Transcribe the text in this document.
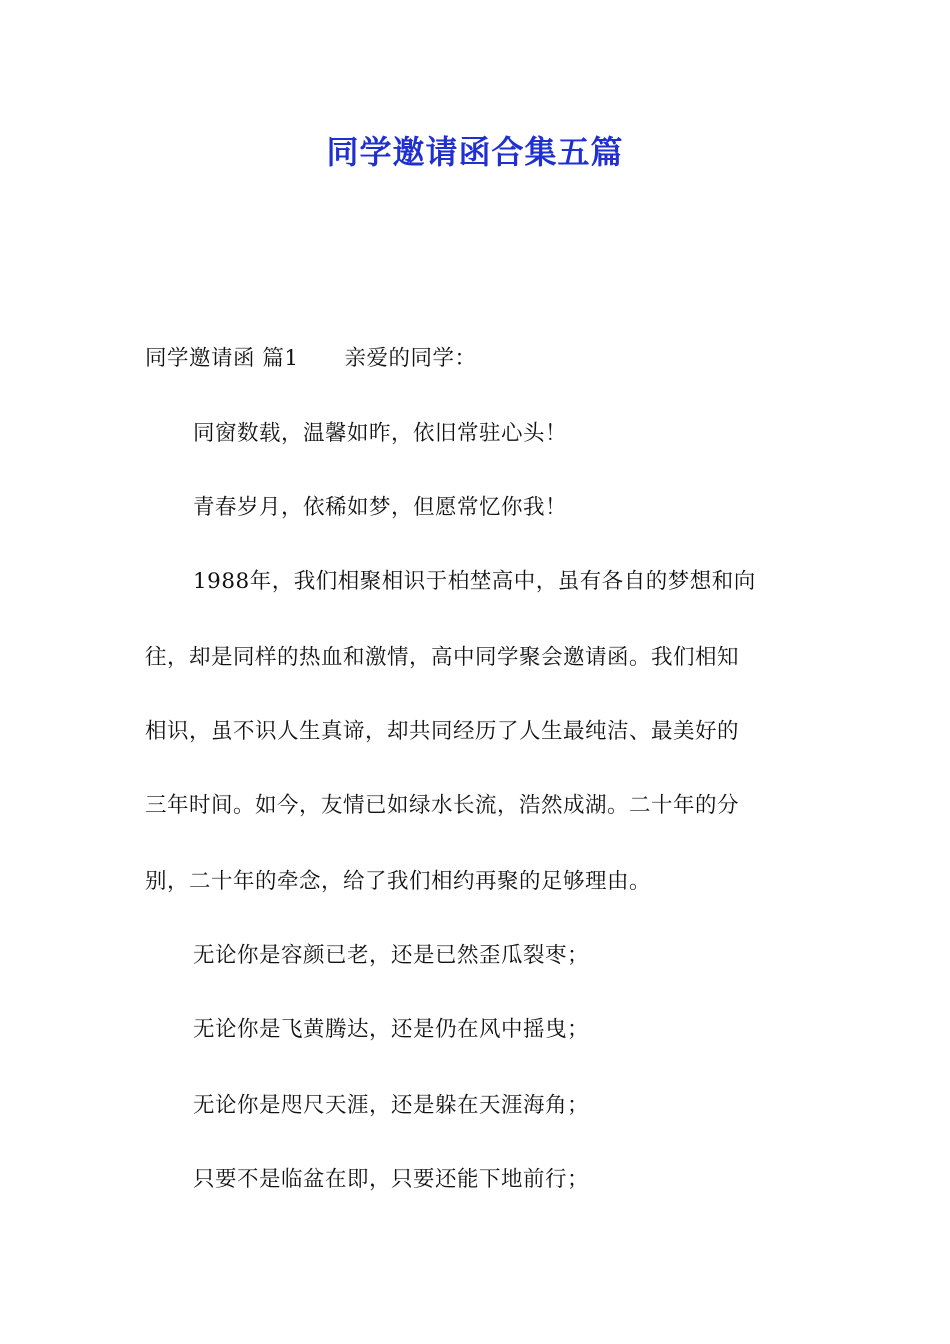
同学邀请函合集五篇
同学邀请函 篇1 亲爱的同学：
同窗数载，温馨如昨，依旧常驻心头！
青春岁月，依稀如梦，但愿常忆你我！
1988年，我们相聚相识于柏埜高中，虽有各自的梦想和向
往，却是同样的热血和激情，高中同学聚会邀请函。我们相知
相识，虽不识人生真谛，却共同经历了人生最纯洁、最美好的
三年时间。如今，友情已如绿水长流，浩然成湖。二十年的分
别，二十年的牵念，给了我们相约再聚的足够理由。
无论你是容颜已老，还是已然歪瓜裂枣；
无论你是飞黄腾达，还是仍在风中摇曳；
无论你是咫尺天涯，还是躲在天涯海角；
只要不是临盆在即，只要还能下地前行；
